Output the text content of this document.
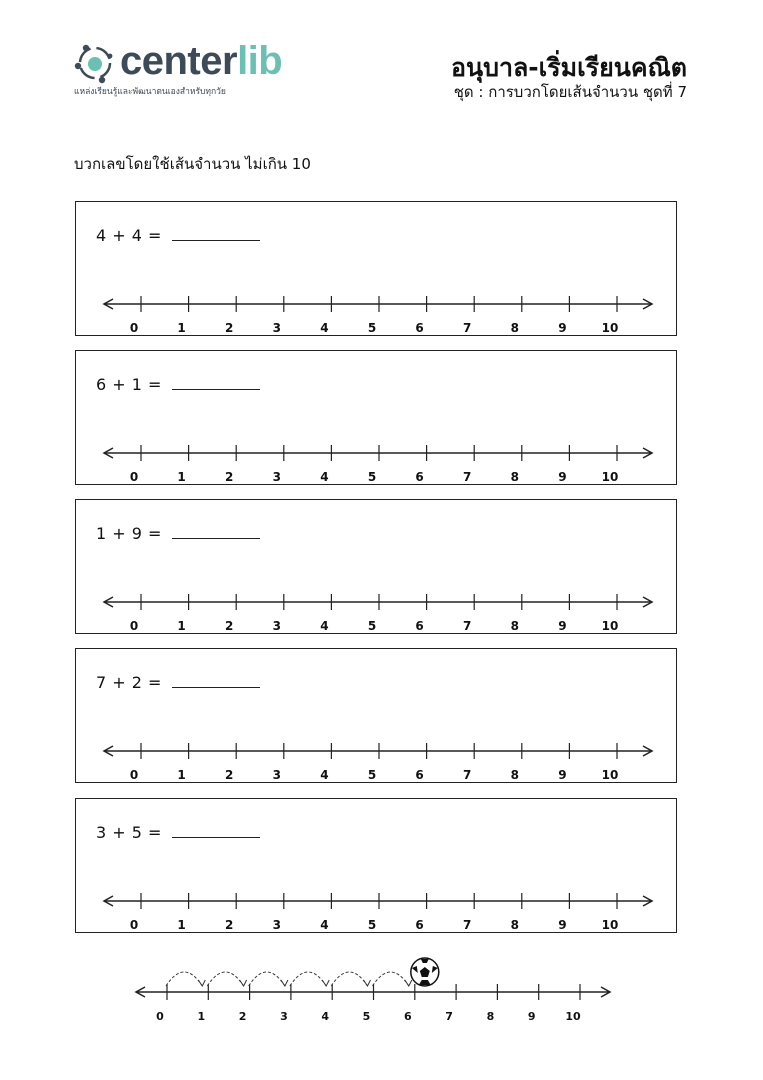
centerlib
แหล่งเรียนรู้และพัฒนาตนเองสำหรับทุกวัย
อนุบาล-เริ่มเรียนคณิต
ชุด : การบวกโดยเส้นจำนวน ชุดที่ 7
บวกเลขโดยใช้เส้นจำนวน ไม่เกิน 10
4 + 4 =
0	1	2	3	4	5	6	7	8	9	10
6 + 1 =
0	1	2	3	4	5	6	7	8	9	10
1 + 9 =
0	1	2	3	4	5	6	7	8	9	10
7 + 2 =
0	1	2	3	4	5	6	7	8	9	10
3 + 5 =
0	1	2	3	4	5	6	7	8	9	10
0	1	2	3	4	5	6	7	8	9	10
